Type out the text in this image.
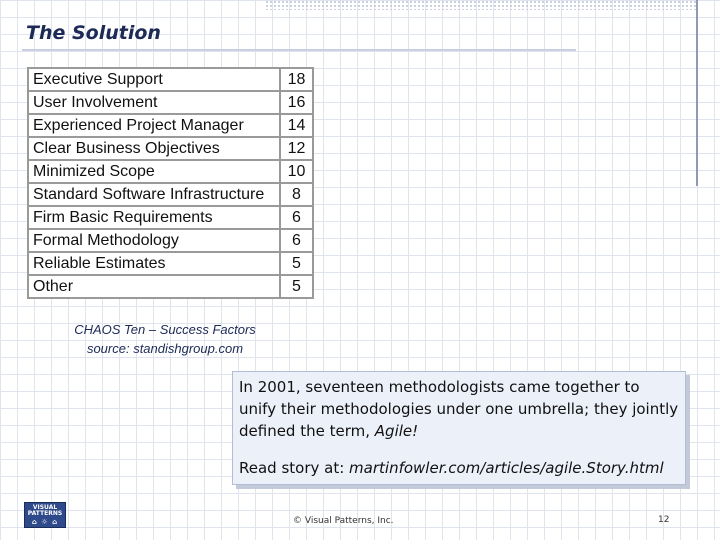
The Solution
Executive Support	18
User Involvement	16
Experienced Project Manager	14
Clear Business Objectives	12
Minimized Scope	10
Standard Software Infrastructure	8
Firm Basic Requirements	6
Formal Methodology	6
Reliable Estimates	5
Other	5
CHAOS Ten – Success Factors
source: standishgroup.com

In 2001, seventeen methodologists came together to unify their methodologies under one umbrella; they jointly defined the term, Agile!

Read story at: martinfowler.com/articles/agile.Story.html

VISUAL
PATTERNS
⌂ ☼ ⌂	© Visual Patterns, Inc.	12
